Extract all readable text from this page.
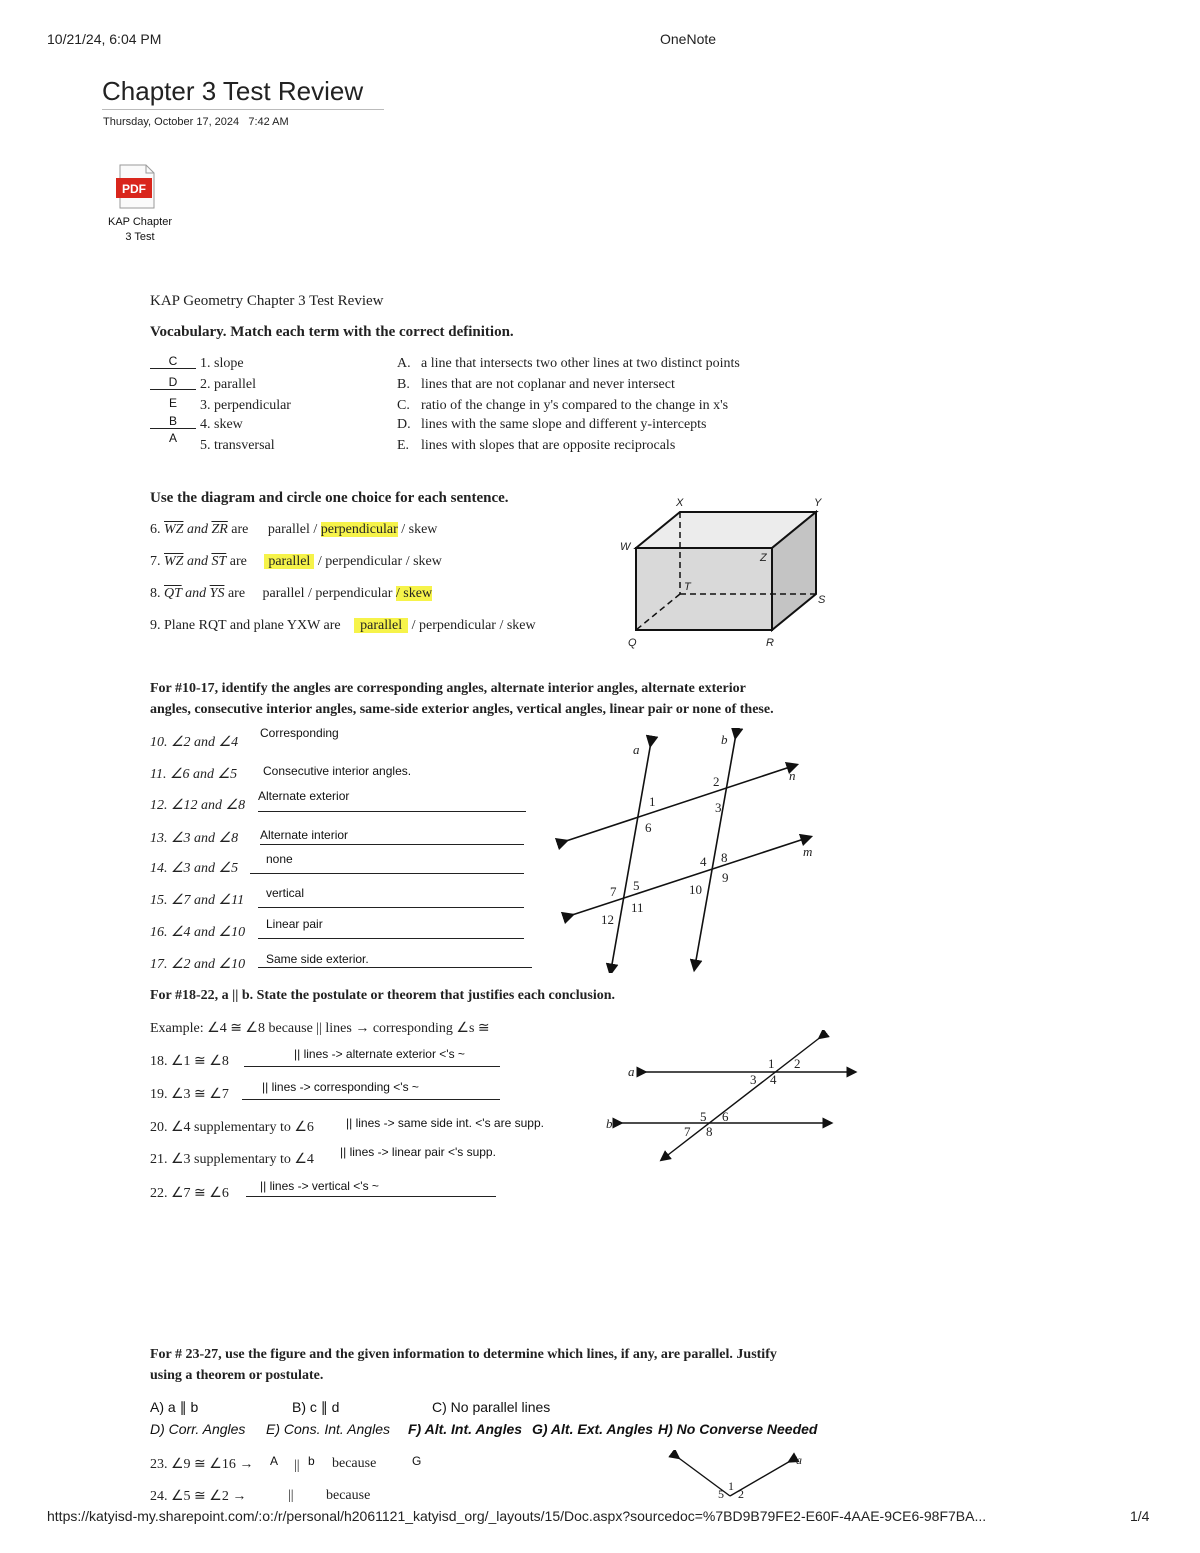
10/21/24, 6:04 PM	OneNote
Chapter 3 Test Review
Thursday, October 17, 2024 7:42 AM
PDF
KAP Chapter
3 Test
KAP Geometry Chapter 3 Test Review
Vocabulary. Match each term with the correct definition.
C	1. slope	A. a line that intersects two other lines at two distinct points
D	2. parallel	B. lines that are not coplanar and never intersect
E	3. perpendicular	C. ratio of the change in y's compared to the change in x's
B	4. skew	D. lines with the same slope and different y-intercepts
A	5. transversal	E. lines with slopes that are opposite reciprocals
Use the diagram and circle one choice for each sentence.
6. $\overline{WZ}$ and $\overline{ZR}$ are parallel / perpendicular / skew
7. $\overline{WZ}$ and $\overline{ST}$ are parallel / perpendicular / skew
8. $\overline{QT}$ and $\overline{YS}$ are parallel / perpendicular / skew
9. Plane RQT and plane YXW are parallel / perpendicular / skew
X	Y
W
Z
T
S
Q	R
For #10-17, identify the angles are corresponding angles, alternate interior angles, alternate exterior
angles, consecutive interior angles, same-side exterior angles, vertical angles, linear pair or none of these.
10. ∠2 and ∠4
Corresponding
11. ∠6 and ∠5 Consecutive interior angles.
12. ∠12 and ∠8
Alternate exterior
13. ∠3 and ∠8 Alternate interior
14. ∠3 and ∠5
none
15. ∠7 and ∠11	vertical
16. ∠4 and ∠10
Linear pair
17. ∠2 and ∠10	Same side exterior.
a
b
n
m
1
2
3
6
4 8
9
10
7 5
11
12
For #18-22, a || b. State the postulate or theorem that justifies each conclusion.
Example: ∠4 ≅ ∠8 because || lines → corresponding ∠s ≅
18. ∠1 ≅ ∠8	|| lines -> alternate exterior <'s ~
19. ∠3 ≅ ∠7	|| lines -> corresponding <'s ~
20. ∠4 supplementary to ∠6	|| lines -> same side int. <'s are supp.
21. ∠3 supplementary to ∠4 || lines -> linear pair <'s supp.
22. ∠7 ≅ ∠6	|| lines -> vertical <'s ~
a
b
1 2
3 4
5 6
7 8
For # 23-27, use the figure and the given information to determine which lines, if any, are parallel. Justify
using a theorem or postulate.
A) a ∥ b	B) c ∥ d	C) No parallel lines
D) Corr. Angles E) Cons. Int. Angles F) Alt. Int. Angles G) Alt. Ext. Angles H) No Converse Needed
23. ∠9 ≅ ∠16 → A || b because	G
24. ∠5 ≅ ∠2 →	|| because
a
1
5 2
https://katyisd-my.sharepoint.com/:o:/r/personal/h2061121_katyisd_org/_layouts/15/Doc.aspx?sourcedoc=%7BD9B79FE2-E60F-4AAE-9CE6-98F7BA...	1/4
